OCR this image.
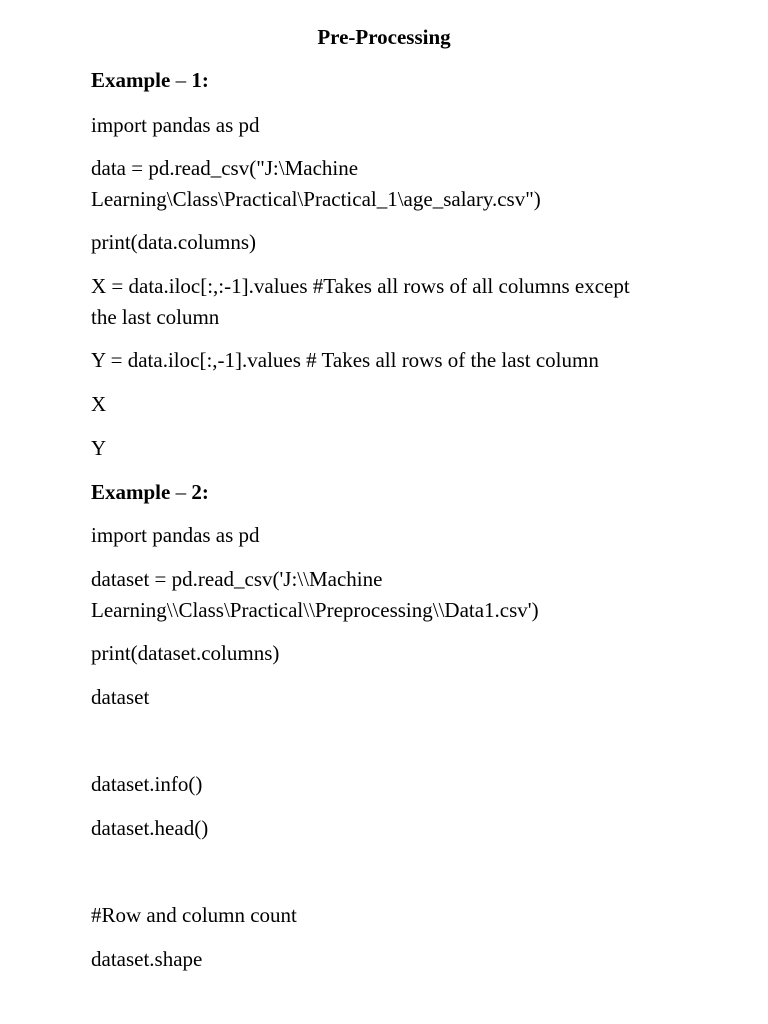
Pre-Processing

Example – 1:

import pandas as pd

data = pd.read_csv("J:\Machine

Learning\Class\Practical\Practical_1\age_salary.csv")

print(data.columns)

X = data.iloc[:,:-1].values #Takes all rows of all columns except

the last column

Y = data.iloc[:,-1].values # Takes all rows of the last column

X

Y

Example – 2:

import pandas as pd

dataset = pd.read_csv('J:\\Machine

Learning\\Class\Practical\\Preprocessing\\Data1.csv')

print(dataset.columns)

dataset

dataset.info()

dataset.head()

#Row and column count

dataset.shape
